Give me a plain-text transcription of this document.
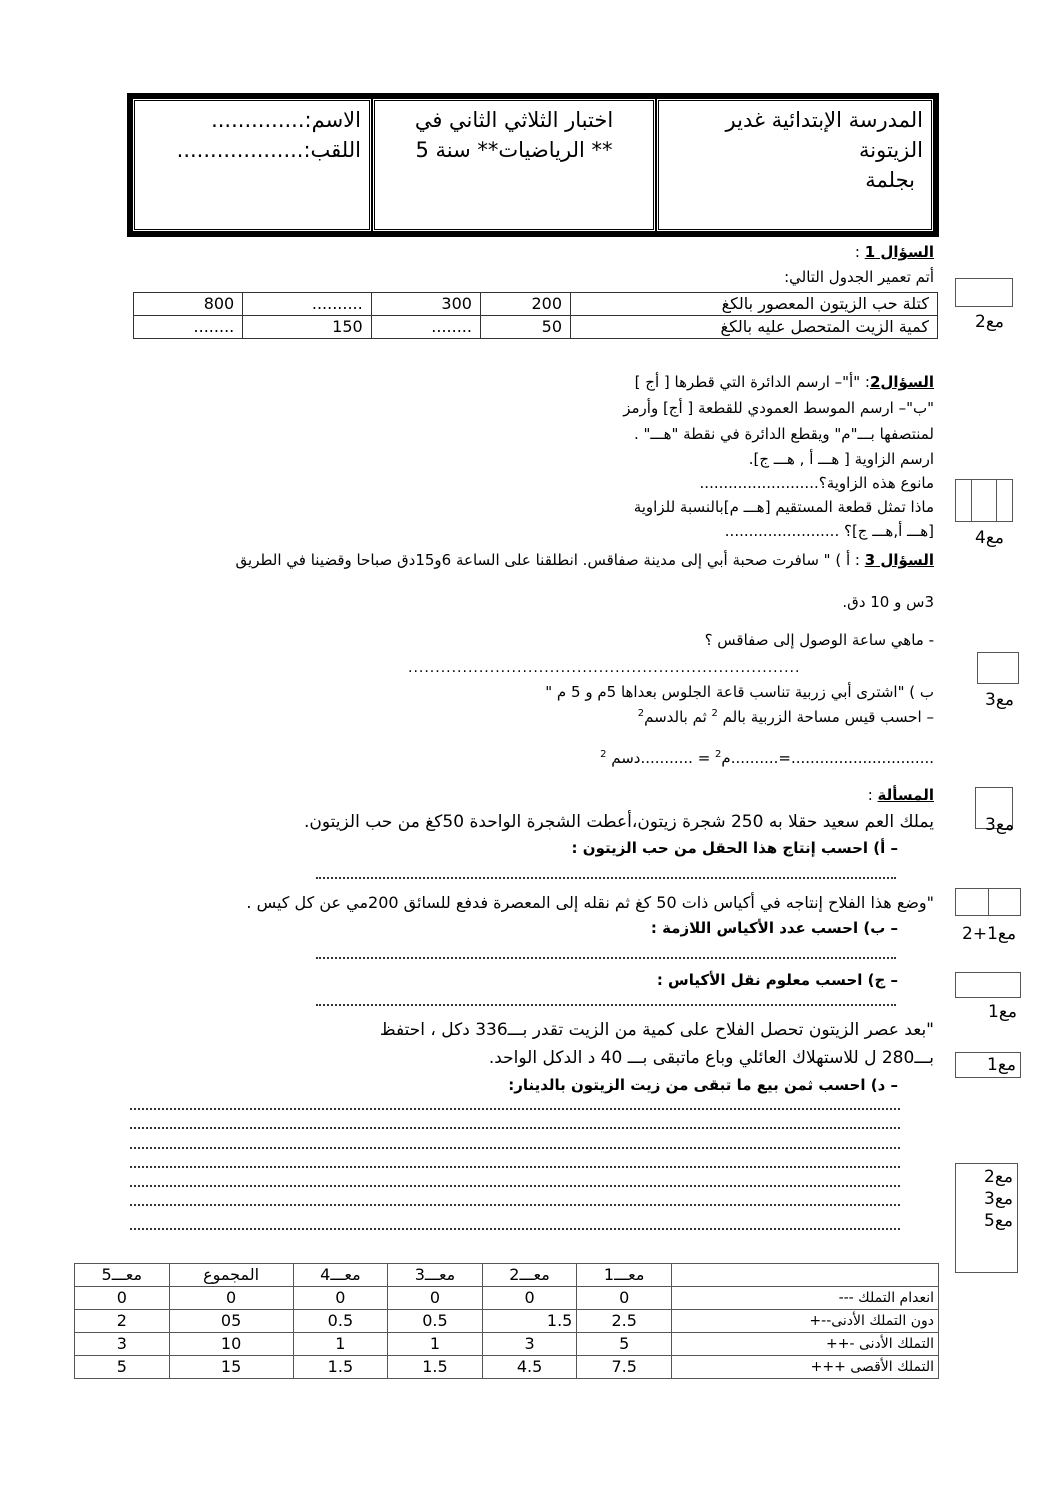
الاسم:..............
اللقب:...................
اختبار الثلاثي الثاني في
** الرياضيات** سنة 5
المدرسة الإبتدائية غدير
الزيتونة
بجلمة
السؤال 1 :
أتم تعمير الجدول التالي:
800	..........	300	200	كتلة حب الزيتون المعصور بالكغ
........	150	........	50	كمية الزيت المتحصل عليه بالكغ	مع2
السؤال2: "أ"– ارسم الدائرة التي قطرها [ أج ]
"ب"– ارسم الموسط العمودي للقطعة [ أج] وأرمز
لمنتصفها بـــ"م" ويقطع الدائرة في نقطة "هـــ" .
ارسم الزاوية [ هـــ أ , هـــ ج].
مانوع هذه الزاوية؟.........................
ماذا تمثل قطعة المستقيم [هـــ م]بالنسبة للزاوية
[هـــ أ,هـــ ج]؟ ........................ مع4
السؤال 3 : أ ) " سافرت صحبة أبي إلى مدينة صفاقس. انطلقنا على الساعة 6و15دق صباحا وقضينا في الطريق
3س و 10 دق.
- ماهي ساعة الوصول إلى صفاقس ؟
........................................................................
ب ) "اشترى أبي زربية تناسب قاعة الجلوس بعداها 5م و 5 م "
– احسب قيس مساحة الزربية بالم $^2$ ثم بالدسم$^2$
..............................=..........م$^2$ = ...........دسم $^2$
مع3
المسألة :
يملك العم سعيد حقلا به 250 شجرة زيتون،أعطت الشجرة الواحدة 50كغ من حب الزيتون.
– أ) احسب إنتاج هذا الحقل من حب الزيتون :
مع3
"وضع هذا الفلاح إنتاجه في أكياس ذات 50 كغ ثم نقله إلى المعصرة فدفع للسائق 200مي عن كل كيس .
– ب) احسب عدد الأكياس اللازمة :	مع1+2
– ج) احسب معلوم نقل الأكياس :
مع1
"بعد عصر الزيتون تحصل الفلاح على كمية من الزيت تقدر بـــ336 دكل ، احتفظ
بـــ280 ل للاستهلاك العائلي وباع ماتبقى بـــ 40 د الدكل الواحد.	مع1
– د) احسب ثمن بيع ما تبقى من زيت الزيتون بالدينار:
مع2
مع3
مع5
معـــ5	المجموع	معـــ4	معـــ3	معـــ2	معـــ1	
0	0	0	0	0	0	انعدام التملك ---
2	05	0.5	0.5	1.5	2.5	دون التملك الأدنى--+
3	10	1	1	3	5	التملك الأدنى -++
5	15	1.5	1.5	4.5	7.5	التملك الأقصى +++
